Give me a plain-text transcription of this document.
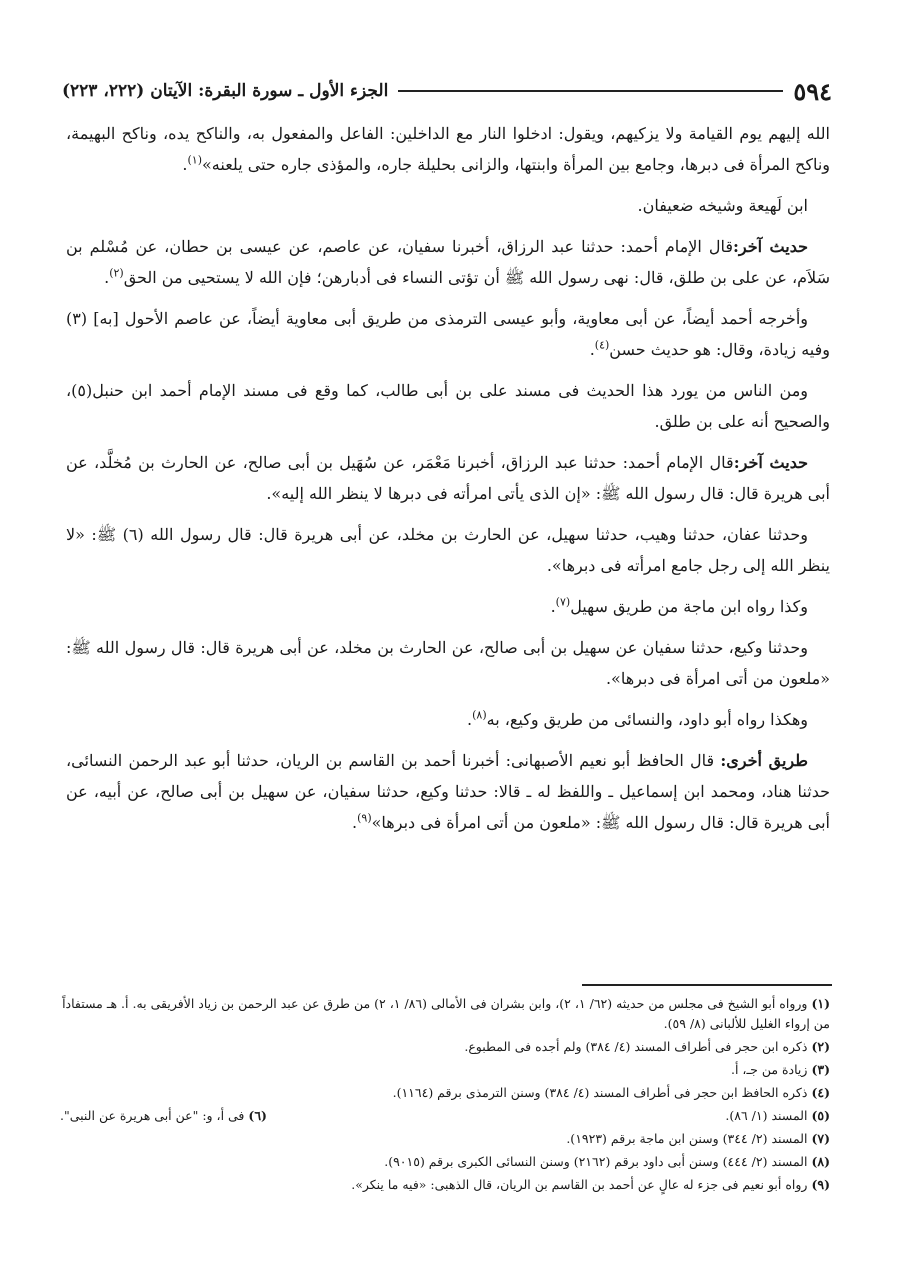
٥٩٤
الجزء الأول ـ سورة البقرة: الآيتان (٢٢٢، ٢٢٣)

الله إليهم يوم القيامة ولا يزكيهم، ويقول: ادخلوا النار مع الداخلين: الفاعل والمفعول به، والناكح يده، وناكح البهيمة، وناكح المرأة فى دبرها، وجامع بين المرأة وابنتها، والزانى بحليلة جاره، والمؤذى جاره حتى يلعنه»$^{(١)}$.

ابن لَهيعة وشيخه ضعيفان.

حديث آخر:قال الإمام أحمد: حدثنا عبد الرزاق، أخبرنا سفيان، عن عاصم، عن عيسى بن حطان، عن مُسْلم بن سَلاَم، عن على بن طلق، قال: نهى رسول الله ﷺ أن تؤتى النساء فى أدبارهن؛ فإن الله لا يستحيى من الحق$^{(٢)}$.

وأخرجه أحمد أيضاً، عن أبى معاوية، وأبو عيسى الترمذى من طريق أبى معاوية أيضاً، عن عاصم الأحول [به] (٣) وفيه زيادة، وقال: هو حديث حسن$^{(٤)}$.

ومن الناس من يورد هذا الحديث فى مسند على بن أبى طالب، كما وقع فى مسند الإمام أحمد ابن حنبل(٥)، والصحيح أنه على بن طلق.

حديث آخر:قال الإمام أحمد: حدثنا عبد الرزاق، أخبرنا مَعْمَر، عن سُهَيل بن أبى صالح، عن الحارث بن مُخلَّد، عن أبى هريرة قال: قال رسول الله ﷺ: «إن الذى يأتى امرأته فى دبرها لا ينظر الله إليه».

وحدثنا عفان، حدثنا وهيب، حدثنا سهيل، عن الحارث بن مخلد، عن أبى هريرة قال: قال رسول الله (٦) ﷺ: «لا ينظر الله إلى رجل جامع امرأته فى دبرها».

وكذا رواه ابن ماجة من طريق سهيل$^{(٧)}$.

وحدثنا وكيع، حدثنا سفيان عن سهيل بن أبى صالح، عن الحارث بن مخلد، عن أبى هريرة قال: قال رسول الله ﷺ: «ملعون من أتى امرأة فى دبرها».

وهكذا رواه أبو داود، والنسائى من طريق وكيع، به$^{(٨)}$.

طريق أخرى: قال الحافظ أبو نعيم الأصبهانى: أخبرنا أحمد بن القاسم بن الريان، حدثنا أبو عبد الرحمن النسائى، حدثنا هناد، ومحمد ابن إسماعيل ـ واللفظ له ـ قالا: حدثنا وكيع، حدثنا سفيان، عن سهيل بن أبى صالح، عن أبيه، عن أبى هريرة قال: قال رسول الله ﷺ: «ملعون من أتى امرأة فى دبرها»$^{(٩)}$.

(١) ورواه أبو الشيخ فى مجلس من حديثه (٦٢/ ١، ٢)، وابن بشران فى الأمالى (٨٦/ ١، ٢) من طرق عن عبد الرحمن بن زياد الأفريقى به. أ. هـ مستفاداً من إرواء الغليل للألبانى (٨/ ٥٩).

(٢) ذكره ابن حجر فى أطراف المسند (٤/ ٣٨٤) ولم أجده فى المطبوع.

(٣) زيادة من جـ، أ.

(٤) ذكره الحافظ ابن حجر فى أطراف المسند (٤/ ٣٨٤) وسنن الترمذى برقم (١١٦٤).

(٥) المسند (١/ ٨٦).

(٦) فى أ، و: "عن أبى هريرة عن النبى".

(٧) المسند (٢/ ٣٤٤) وسنن ابن ماجة برقم (١٩٢٣).

(٨) المسند (٢/ ٤٤٤) وسنن أبى داود برقم (٢١٦٢) وسنن النسائى الكبرى برقم (٩٠١٥).

(٩) رواه أبو نعيم فى جزء له عالٍ عن أحمد بن القاسم بن الريان، قال الذهبى: «فيه ما ينكر».
